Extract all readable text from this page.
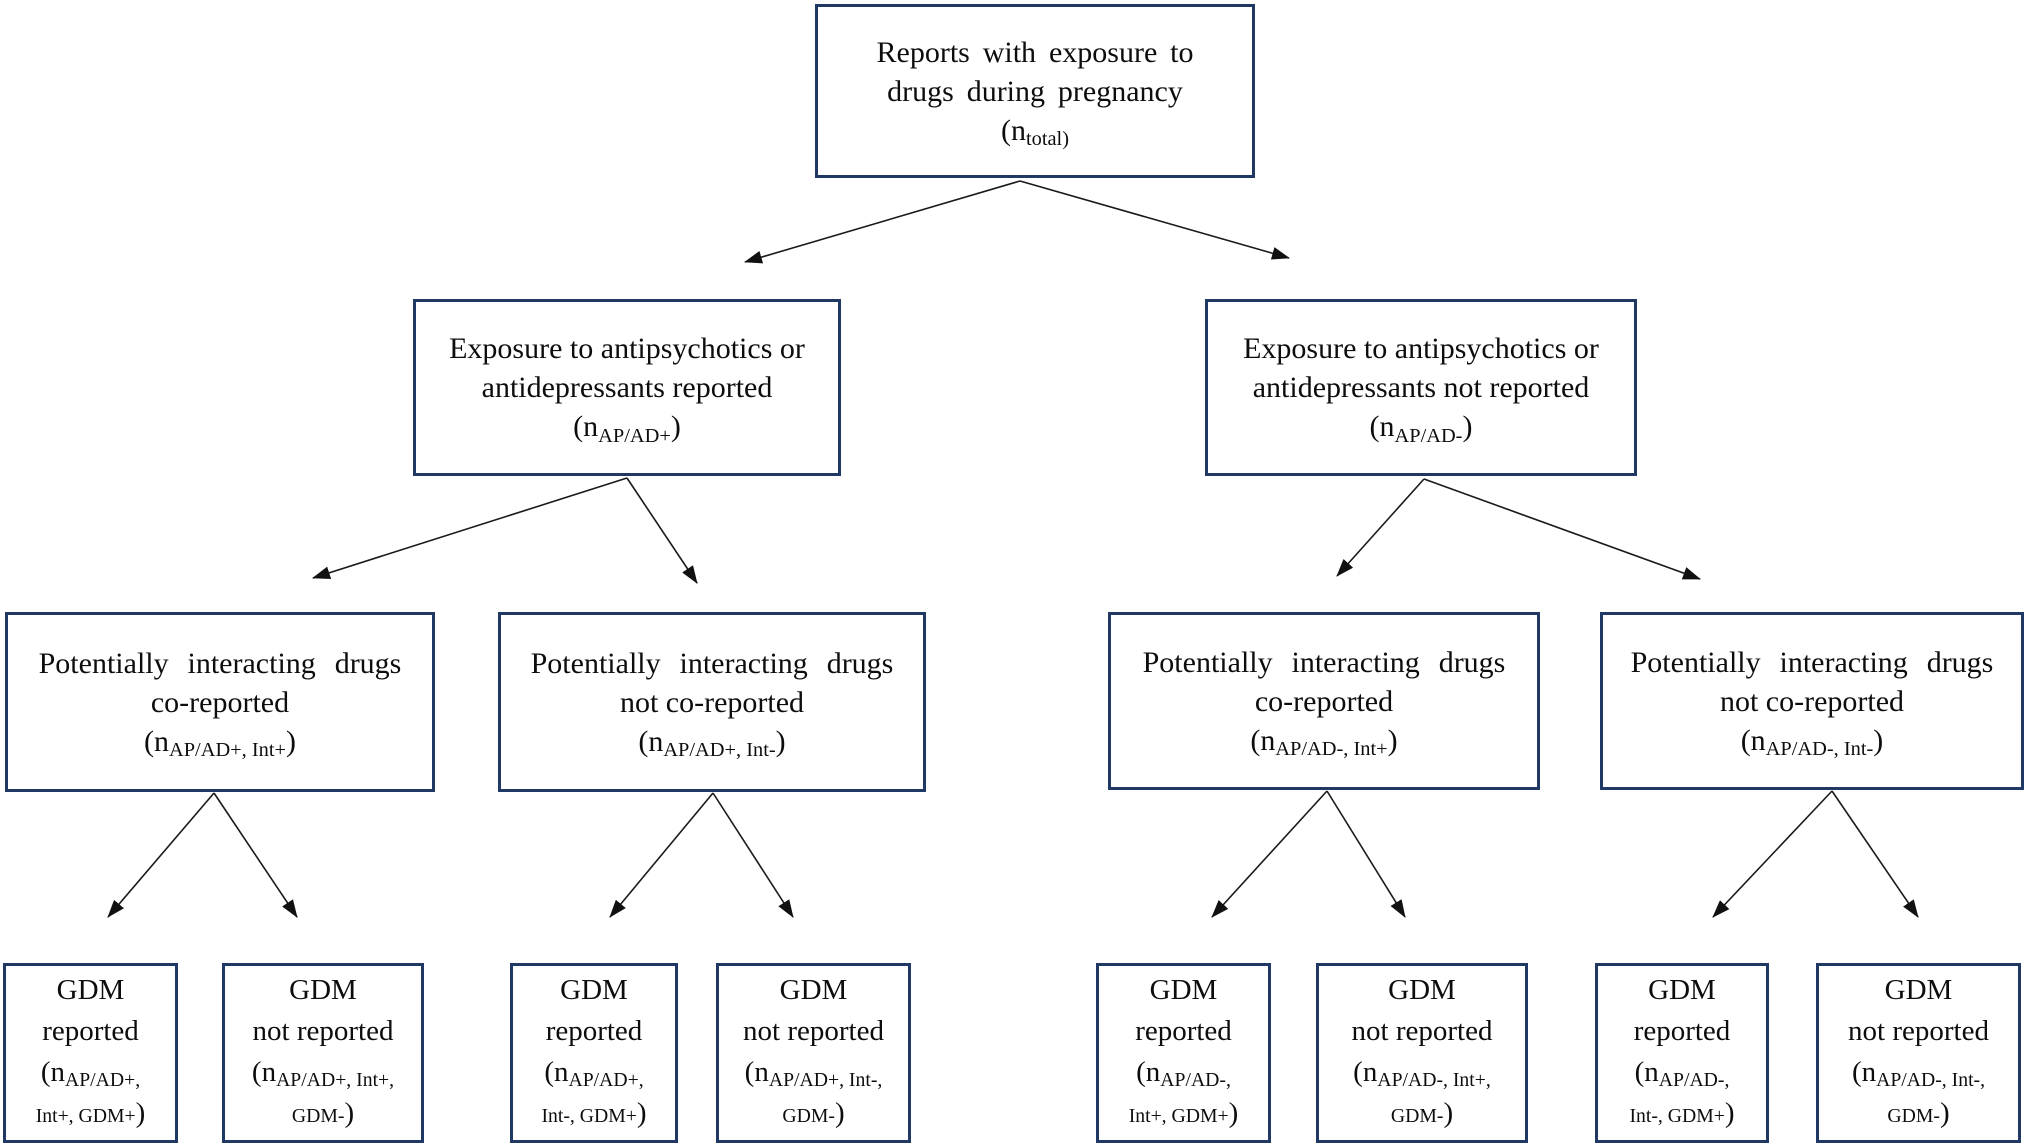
Reports with exposure to
drugs during pregnancy
($n_{total)}$
Exposure to antipsychotics or
antidepressants reported
$(n_{AP/AD+})$
Exposure to antipsychotics or
antidepressants not reported
$(n_{AP/AD-})$
Potentially interacting drugs
co-reported
$(n_{AP/AD+, Int+})$
Potentially interacting drugs
not co-reported
$(n_{AP/AD+, Int-})$
Potentially interacting drugs
co-reported
$(n_{AP/AD-, Int+})$
Potentially interacting drugs
not co-reported
$(n_{AP/AD-, Int-})$
GDM
reported
($n_{AP/AD+,}$
Int+, GDM+)
GDM
not reported
($n_{AP/AD+, Int+,}$
GDM-)
GDM
reported
($n_{AP/AD+,}$
Int-, GDM+)
GDM
not reported
($n_{AP/AD+, Int-,}$
GDM-)
GDM
reported
($n_{AP/AD-,}$
Int+, GDM+)
GDM
not reported
($n_{AP/AD-, Int+,}$
GDM-)
GDM
reported
($n_{AP/AD-,}$
Int-, GDM+)
GDM
not reported
($n_{AP/AD-, Int-,}$
GDM-)
